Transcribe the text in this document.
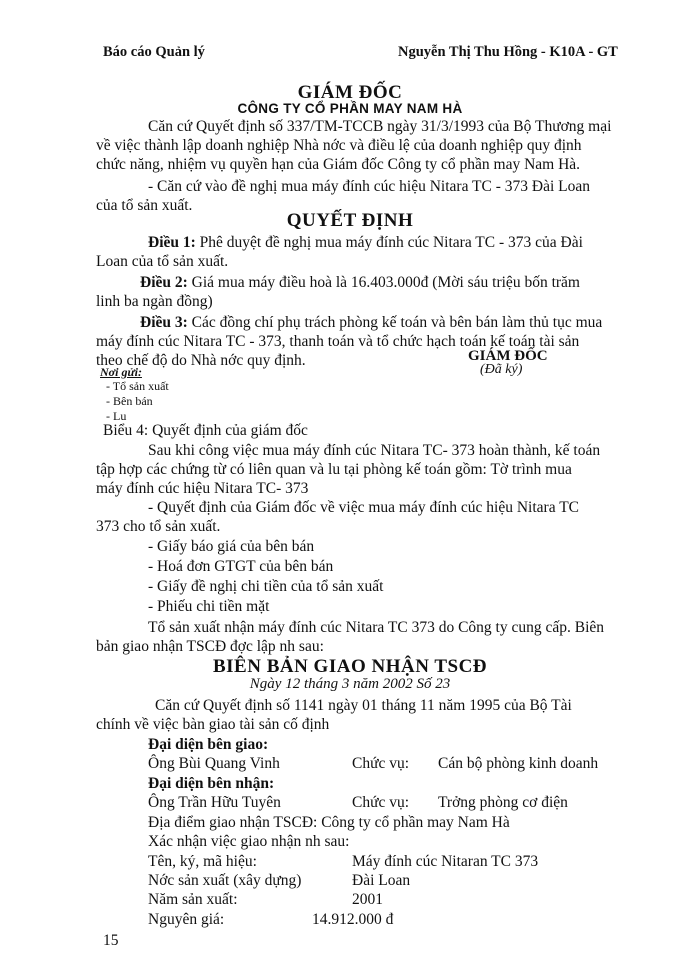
Báo cáo Quản lý	Nguyễn Thị Thu Hồng - K10A - GT
GIÁM ĐỐC
CÔNG TY CỔ PHẦN MAY NAM HÀ
Căn cứ Quyết định số 337/TM-TCCB ngày 31/3/1993 của Bộ Thương mại
về việc thành lập doanh nghiệp Nhà nớc và điều lệ của doanh nghiệp quy định
chức năng, nhiệm vụ quyền hạn của Giám đốc Công ty cổ phần may Nam Hà.
- Căn cứ vào đề nghị mua máy đính cúc hiệu Nitara TC - 373 Đài Loan
của tổ sản xuất.
QUYẾT ĐỊNH
Điều 1: Phê duyệt đề nghị mua máy đính cúc Nitara TC - 373 của Đài
Loan của tổ sản xuất.
Điều 2: Giá mua máy điều hoà là 16.403.000đ (Mời sáu triệu bốn trăm
linh ba ngàn đồng)
Điều 3: Các đồng chí phụ trách phòng kế toán và bên bán làm thủ tục mua
máy đính cúc Nitara TC - 373, thanh toán và tổ chức hạch toán kế toán tài sản
theo chế độ do Nhà nớc quy định.	GIÁM ĐỐC
(Đã ký)
Nơi gửi:
- Tổ sản xuất
- Bên bán
- Lu
Biểu 4: Quyết định của giám đốc
Sau khi công việc mua máy đính cúc Nitara TC- 373 hoàn thành, kế toán
tập hợp các chứng từ có liên quan và lu tại phòng kế toán gồm: Tờ trình mua
máy đính cúc hiệu Nitara TC- 373
- Quyết định của Giám đốc về việc mua máy đính cúc hiệu Nitara TC
373 cho tổ sản xuất.
- Giấy báo giá của bên bán
- Hoá đơn GTGT của bên bán
- Giấy đề nghị chi tiền của tổ sản xuất
- Phiếu chi tiền mặt
Tổ sản xuất nhận máy đính cúc Nitara TC 373 do Công ty cung cấp. Biên
bản giao nhận TSCĐ đợc lập nh sau:
BIÊN BẢN GIAO NHẬN TSCĐ
Ngày 12 tháng 3 năm 2002 Số 23
Căn cứ Quyết định số 1141 ngày 01 tháng 11 năm 1995 của Bộ Tài
chính về việc bàn giao tài sản cố định
Đại diện bên giao:
Ông Bùi Quang Vinh	Chức vụ: Cán bộ phòng kinh doanh
Đại diện bên nhận:
Ông Trần Hữu Tuyên	Chức vụ: Trởng phòng cơ điện
Địa điểm giao nhận TSCĐ: Công ty cổ phần may Nam Hà
Xác nhận việc giao nhận nh sau:
Tên, ký, mã hiệu:	Máy đính cúc Nitaran TC 373
Nớc sản xuất (xây dựng)	Đài Loan
Năm sản xuất:	2001
Nguyên giá:	14.912.000 đ
15
